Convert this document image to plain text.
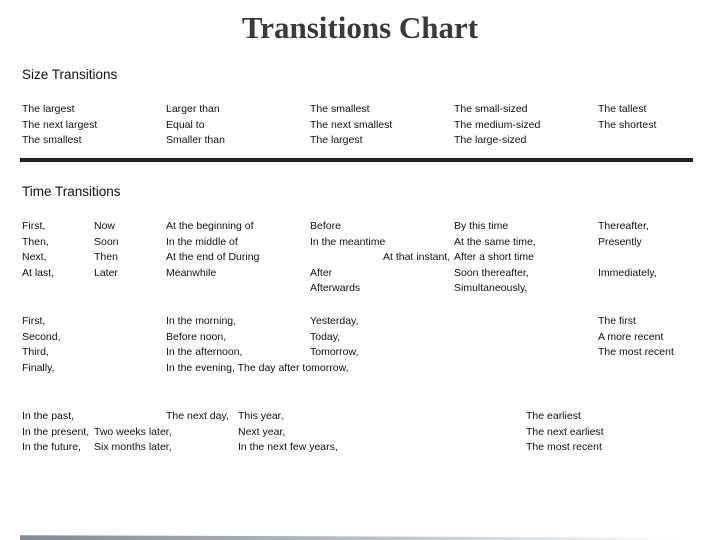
Transitions Chart
Size Transitions
The largest
The next largest
The smallest
Larger than
Equal to
Smaller than
The smallest
The next smallest
The largest
The small-sized
The medium-sized
The large-sized
The tallest
The shortest
Time Transitions
First,
Then,
Next,
At last,
Now
Soon
Then
Later
At the beginning of
In the middle of
At the end of During
Meanwhile
Before
In the meantime
After
Afterwards
At that instant,
By this time
At the same time,
After a short time
Soon thereafter,
Simultaneously,
Thereafter,
Presently
Immediately,
First,
Second,
Third,
Finally,
In the morning,
Before noon,
In the afternoon,
In the evening, The day after tomorrow,
Yesterday,
Today,
Tomorrow,
The first
A more recent
The most recent
In the past,
In the present,
In the future,
Two weeks later,
Six months later,
The next day, This year,
Next year,
In the next few years,
The earliest
The next earliest
The most recent
